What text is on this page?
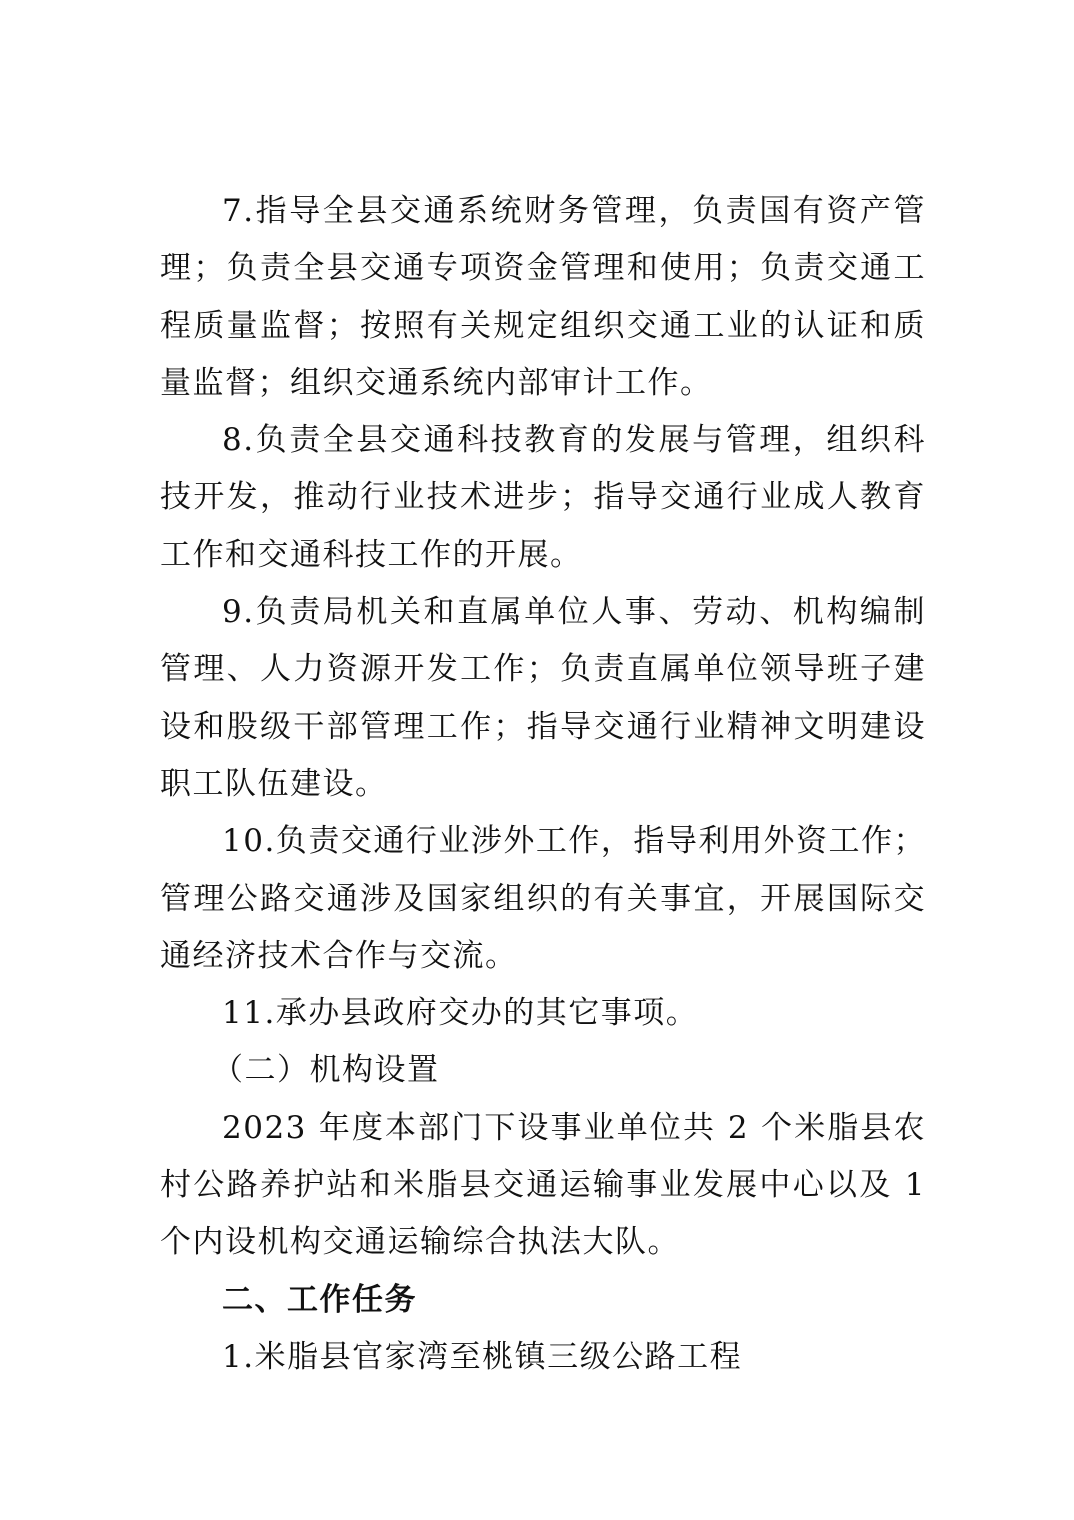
7.指导全县交通系统财务管理，负责国有资产管理；负责全县交通专项资金管理和使用；负责交通工程质量监督；按照有关规定组织交通工业的认证和质量监督；组织交通系统内部审计工作。

8.负责全县交通科技教育的发展与管理，组织科技开发，推动行业技术进步；指导交通行业成人教育工作和交通科技工作的开展。

9.负责局机关和直属单位人事、劳动、机构编制管理、人力资源开发工作；负责直属单位领导班子建设和股级干部管理工作；指导交通行业精神文明建设职工队伍建设。

10.负责交通行业涉外工作，指导利用外资工作；管理公路交通涉及国家组织的有关事宜，开展国际交通经济技术合作与交流。

11.承办县政府交办的其它事项。

（二）机构设置

2023 年度本部门下设事业单位共 2 个米脂县农村公路养护站和米脂县交通运输事业发展中心以及 1 个内设机构交通运输综合执法大队。

二、工作任务

1.米脂县官家湾至桃镇三级公路工程
